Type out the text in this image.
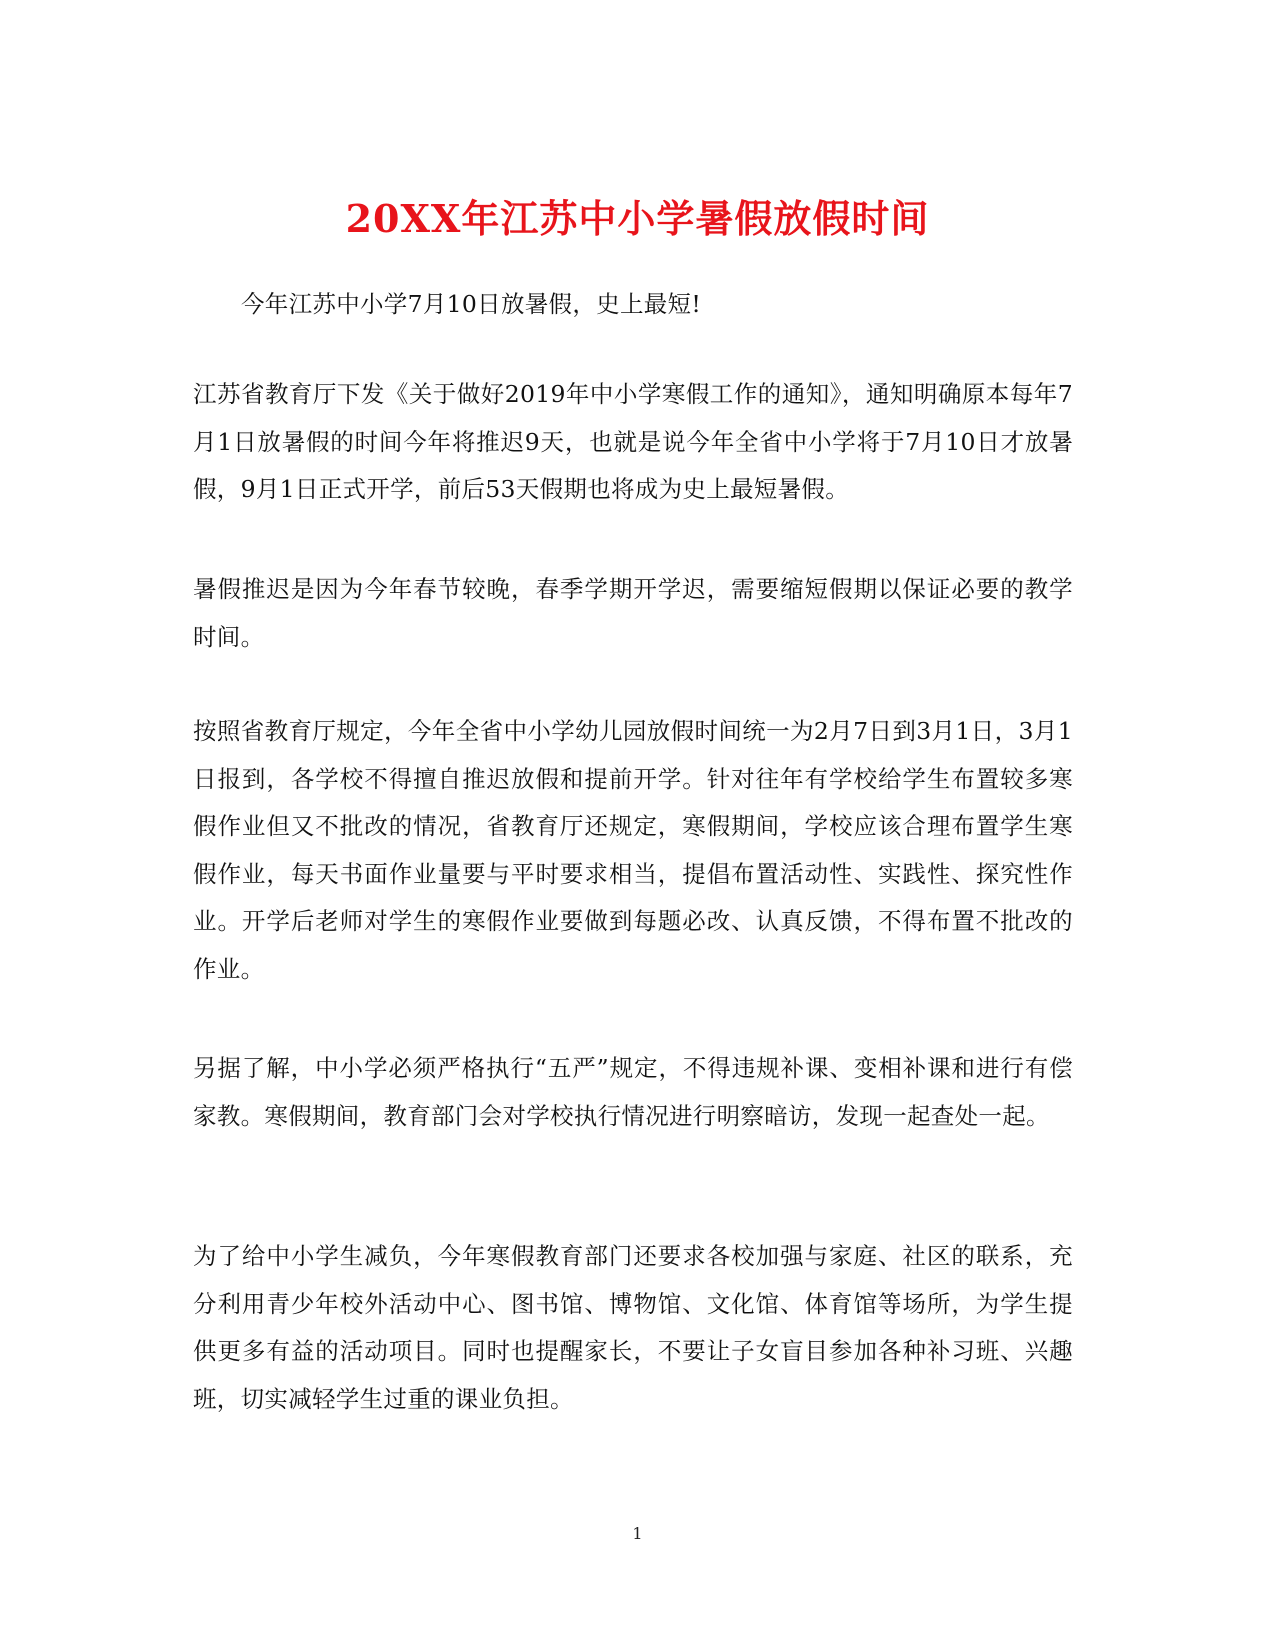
20XX年江苏中小学暑假放假时间

今年江苏中小学7月10日放暑假，史上最短!

江苏省教育厅下发《关于做好2019年中小学寒假工作的通知》，通知明确原本每年7月1日放暑假的时间今年将推迟9天，也就是说今年全省中小学将于7月10日才放暑假，9月1日正式开学，前后53天假期也将成为史上最短暑假。

暑假推迟是因为今年春节较晚，春季学期开学迟，需要缩短假期以保证必要的教学时间。

按照省教育厅规定，今年全省中小学幼儿园放假时间统一为2月7日到3月1日，3月1日报到，各学校不得擅自推迟放假和提前开学。针对往年有学校给学生布置较多寒假作业但又不批改的情况，省教育厅还规定，寒假期间，学校应该合理布置学生寒假作业，每天书面作业量要与平时要求相当，提倡布置活动性、实践性、探究性作业。开学后老师对学生的寒假作业要做到每题必改、认真反馈，不得布置不批改的作业。

另据了解，中小学必须严格执行“五严”规定，不得违规补课、变相补课和进行有偿家教。寒假期间，教育部门会对学校执行情况进行明察暗访，发现一起查处一起。

为了给中小学生减负，今年寒假教育部门还要求各校加强与家庭、社区的联系，充分利用青少年校外活动中心、图书馆、博物馆、文化馆、体育馆等场所，为学生提供更多有益的活动项目。同时也提醒家长，不要让子女盲目参加各种补习班、兴趣班，切实减轻学生过重的课业负担。

1
